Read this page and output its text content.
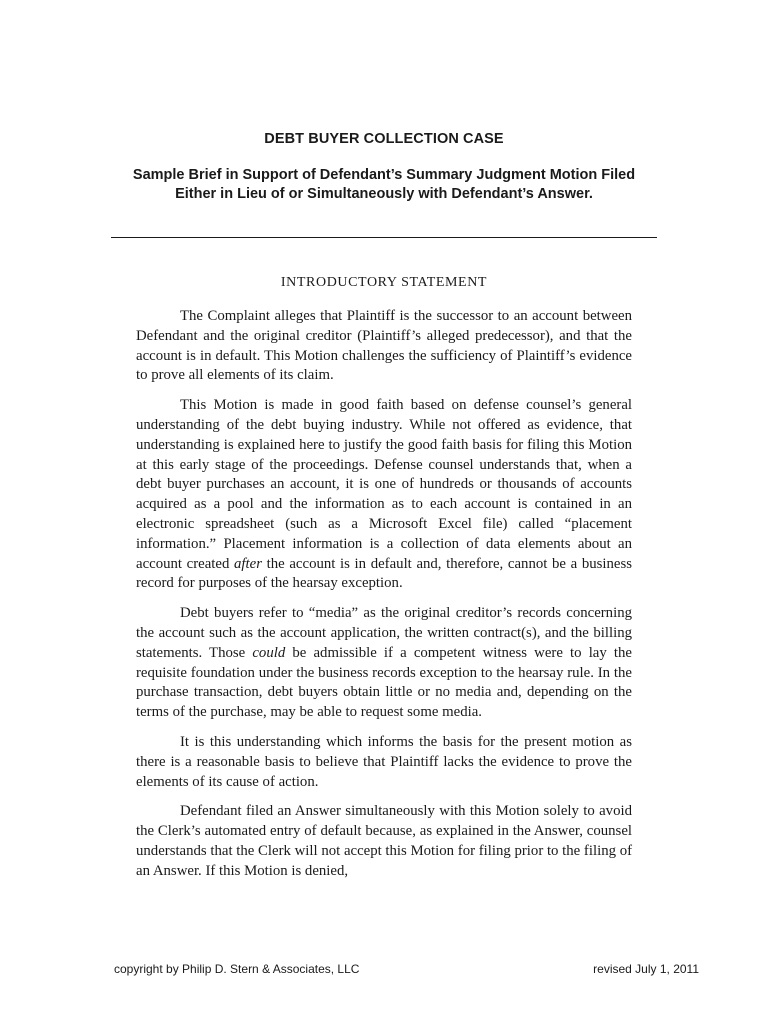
DEBT BUYER COLLECTION CASE
Sample Brief in Support of Defendant’s Summary Judgment Motion Filed
Either in Lieu of or Simultaneously with Defendant’s Answer.
INTRODUCTORY STATEMENT

The Complaint alleges that Plaintiff is the successor to an account between Defendant and the original creditor (Plaintiff’s alleged predecessor), and that the account is in default. This Motion challenges the sufficiency of Plaintiff’s evidence to prove all elements of its claim.

This Motion is made in good faith based on defense counsel’s general understanding of the debt buying industry. While not offered as evidence, that understanding is explained here to justify the good faith basis for filing this Motion at this early stage of the proceedings. Defense counsel understands that, when a debt buyer purchases an account, it is one of hundreds or thousands of accounts acquired as a pool and the information as to each account is contained in an electronic spreadsheet (such as a Microsoft Excel file) called “placement information.” Placement information is a collection of data elements about an account created after the account is in default and, therefore, cannot be a business record for purposes of the hearsay exception.

Debt buyers refer to “media” as the original creditor’s records concerning the account such as the account application, the written contract(s), and the billing statements. Those could be admissible if a competent witness were to lay the requisite foundation under the business records exception to the hearsay rule. In the purchase transaction, debt buyers obtain little or no media and, depending on the terms of the purchase, may be able to request some media.

It is this understanding which informs the basis for the present motion as there is a reasonable basis to believe that Plaintiff lacks the evidence to prove the elements of its cause of action.

Defendant filed an Answer simultaneously with this Motion solely to avoid the Clerk’s automated entry of default because, as explained in the Answer, counsel understands that the Clerk will not accept this Motion for filing prior to the filing of an Answer. If this Motion is denied,

copyright by Philip D. Stern & Associates, LLC	revised July 1, 2011
